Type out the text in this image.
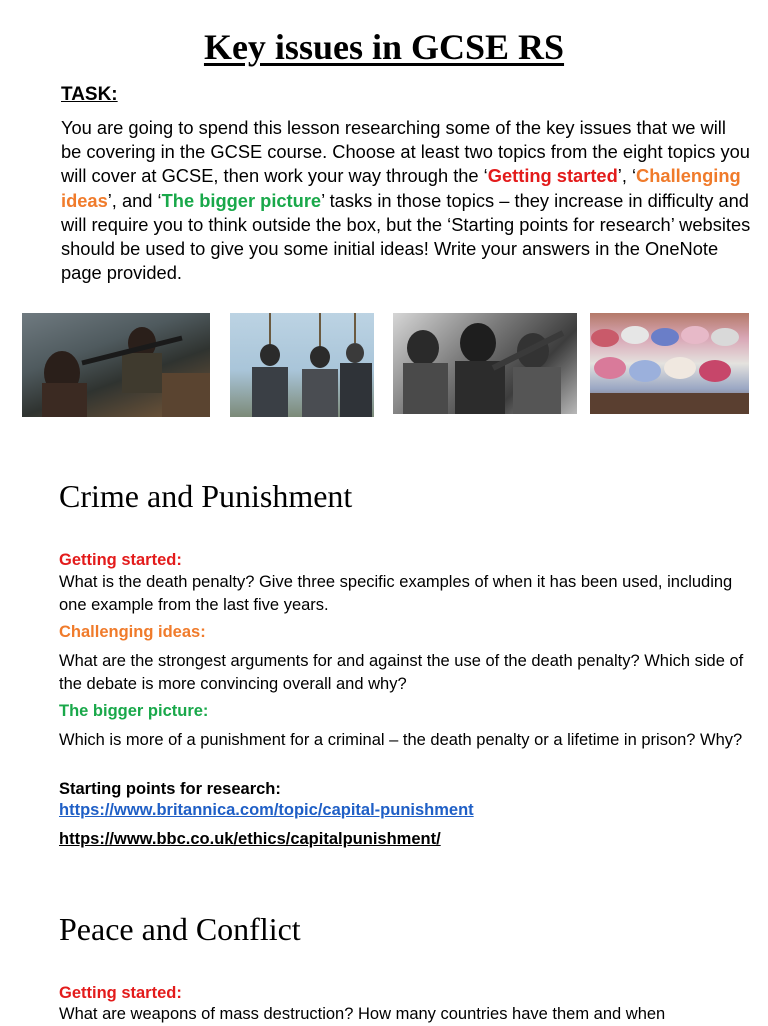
Key issues in GCSE RS
TASK:
You are going to spend this lesson researching some of the key issues that we will be covering in the GCSE course. Choose at least two topics from the eight topics you will cover at GCSE, then work your way through the ‘Getting started’, ‘Challenging ideas’, and ‘The bigger picture’ tasks in those topics – they increase in difficulty and will require you to think outside the box, but the ‘Starting points for research’ websites should be used to give you some initial ideas! Write your answers in the OneNote page provided.
Crime and Punishment
Getting started:
What is the death penalty? Give three specific examples of when it has been used, including one example from the last five years.
Challenging ideas:
What are the strongest arguments for and against the use of the death penalty? Which side of the debate is more convincing overall and why?
The bigger picture:
Which is more of a punishment for a criminal – the death penalty or a lifetime in prison? Why?
Starting points for research:
https://www.britannica.com/topic/capital-punishment
https://www.bbc.co.uk/ethics/capitalpunishment/
Peace and Conflict
Getting started:
What are weapons of mass destruction? How many countries have them and when
